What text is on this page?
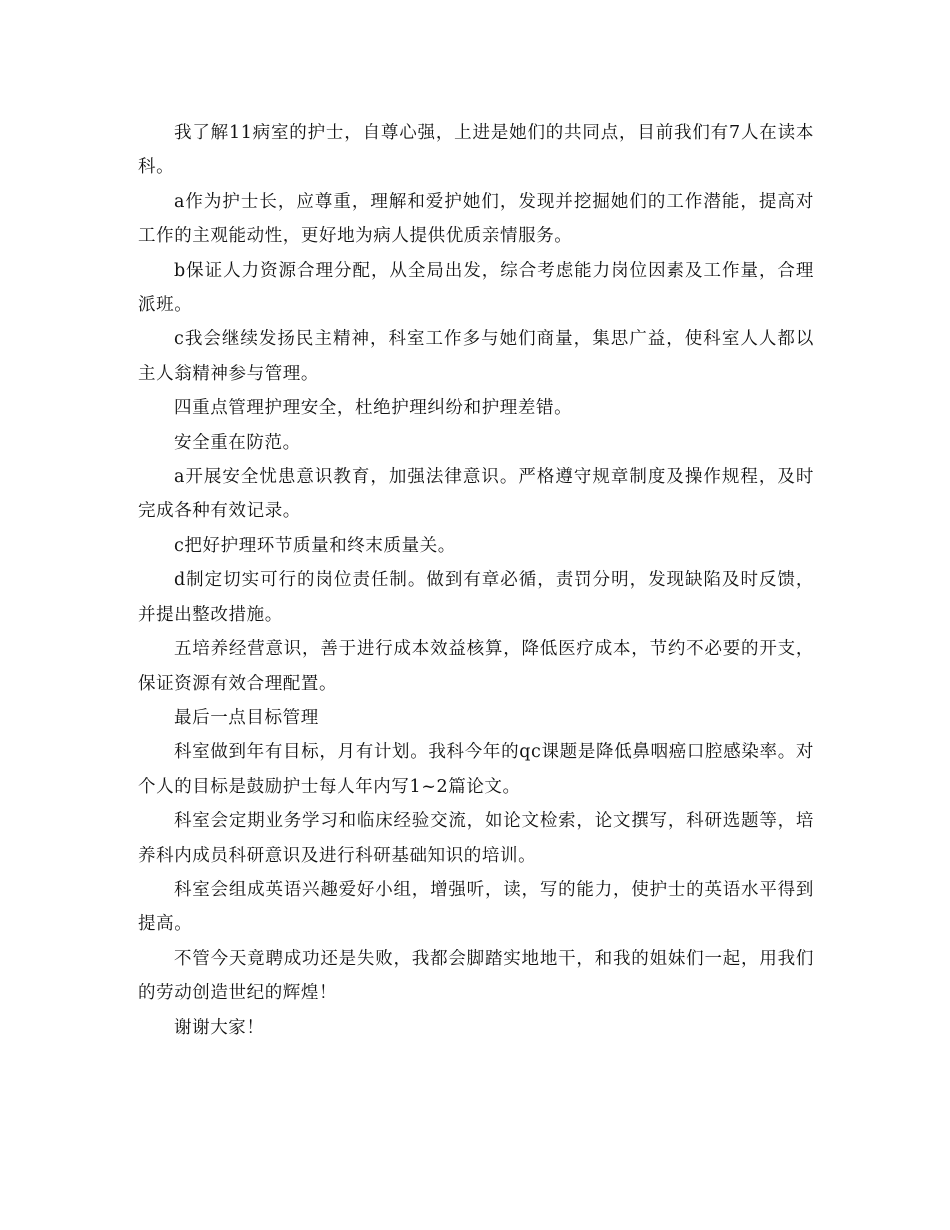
我了解11病室的护士，自尊心强，上进是她们的共同点，目前我们有7人在读本科。

a作为护士长，应尊重，理解和爱护她们，发现并挖掘她们的工作潜能，提高对工作的主观能动性，更好地为病人提供优质亲情服务。

b保证人力资源合理分配，从全局出发，综合考虑能力岗位因素及工作量，合理派班。

c我会继续发扬民主精神，科室工作多与她们商量，集思广益，使科室人人都以主人翁精神参与管理。

四重点管理护理安全，杜绝护理纠纷和护理差错。

安全重在防范。

a开展安全忧患意识教育，加强法律意识。严格遵守规章制度及操作规程，及时完成各种有效记录。

c把好护理环节质量和终末质量关。

d制定切实可行的岗位责任制。做到有章必循，责罚分明，发现缺陷及时反馈，并提出整改措施。

五培养经营意识，善于进行成本效益核算，降低医疗成本，节约不必要的开支，保证资源有效合理配置。

最后一点目标管理

科室做到年有目标，月有计划。我科今年的qc课题是降低鼻咽癌口腔感染率。对个人的目标是鼓励护士每人年内写1~2篇论文。

科室会定期业务学习和临床经验交流，如论文检索，论文撰写，科研选题等，培养科内成员科研意识及进行科研基础知识的培训。

科室会组成英语兴趣爱好小组，增强听，读，写的能力，使护士的英语水平得到提高。

不管今天竟聘成功还是失败，我都会脚踏实地地干，和我的姐妹们一起，用我们的劳动创造世纪的辉煌！

谢谢大家！
